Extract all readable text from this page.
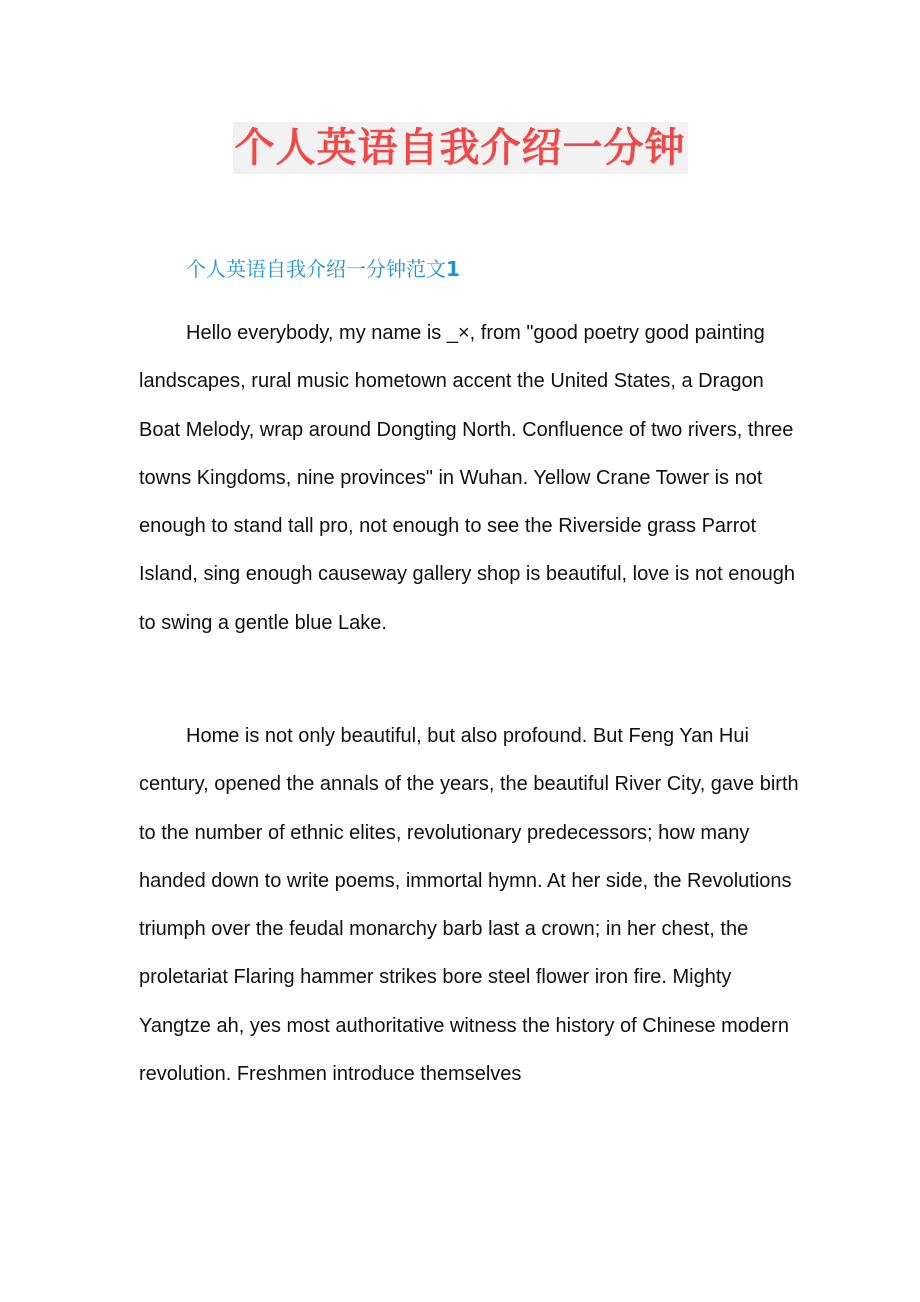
个人英语自我介绍一分钟
个人英语自我介绍一分钟范文1

Hello everybody, my name is _×, from "good poetry good painting landscapes, rural music hometown accent the United States, a Dragon Boat Melody, wrap around Dongting North. Confluence of two rivers, three towns Kingdoms, nine provinces" in Wuhan. Yellow Crane Tower is not enough to stand tall pro, not enough to see the Riverside grass Parrot Island, sing enough causeway gallery shop is beautiful, love is not enough to swing a gentle blue Lake.

Home is not only beautiful, but also profound. But Feng Yan Hui century, opened the annals of the years, the beautiful River City, gave birth to the number of ethnic elites, revolutionary predecessors; how many handed down to write poems, immortal hymn. At her side, the Revolutions triumph over the feudal monarchy barb last a crown; in her chest, the proletariat Flaring hammer strikes bore steel flower iron fire. Mighty Yangtze ah, yes most authoritative witness the history of Chinese modern revolution. Freshmen introduce themselves
